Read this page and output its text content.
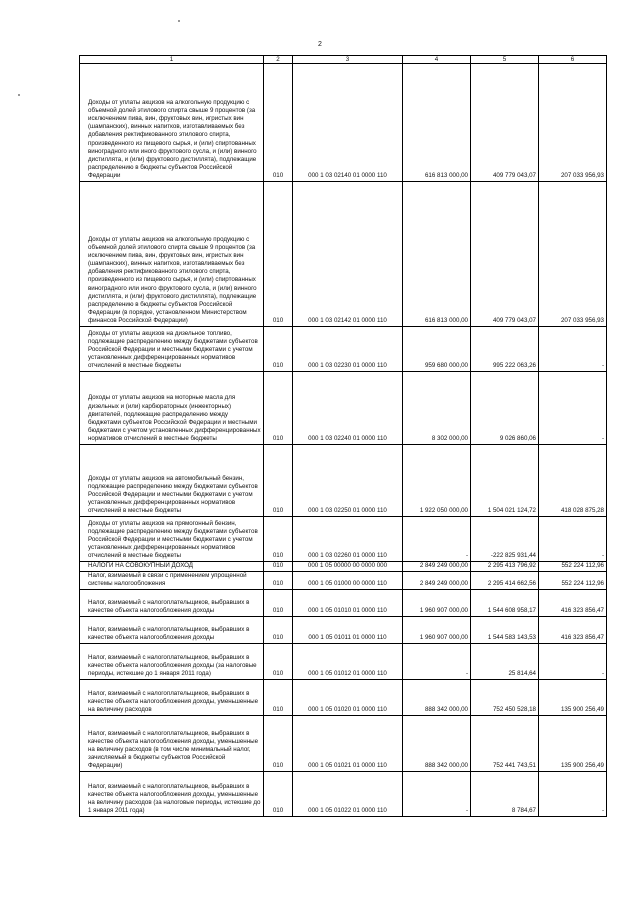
2
1	2	3	4	5	6
Доходы от уплаты акцизов на алкогольную продукцию с объемной долей этилового спирта свыше 9 процентов (за исключением пива, вин, фруктовых вин, игристых вин (шампанских), винных напитков, изготавливаемых без добавления ректификованного этилового спирта, произведенного из пищевого сырья, и (или) спиртованных виноградного или иного фруктового сусла, и (или) винного дистиллята, и (или) фруктового дистиллята), подлежащие распределению в бюджеты субъектов Российской Федерации	010	000 1 03 02140 01 0000 110	616 813 000,00	409 779 043,07	207 033 956,93
Доходы от уплаты акцизов на алкогольную продукцию с объемной долей этилового спирта свыше 9 процентов (за исключением пива, вин, фруктовых вин, игристых вин (шампанских), винных напитков, изготавливаемых без добавления ректификованного этилового спирта, произведенного из пищевого сырья, и (или) спиртованных виноградного или иного фруктового сусла, и (или) винного дистиллята, и (или) фруктового дистиллята), подлежащие распределению в бюджеты субъектов Российской Федерации (в порядке, установленном Министерством финансов Российской Федерации)	010	000 1 03 02142 01 0000 110	616 813 000,00	409 779 043,07	207 033 956,93
Доходы от уплаты акцизов на дизельное топливо, подлежащие распределению между бюджетами субъектов Российской Федерации и местными бюджетами с учетом установленных дифференцированных нормативов отчислений в местные бюджеты	010	000 1 03 02230 01 0000 110	959 680 000,00	995 222 063,26	-
Доходы от уплаты акцизов на моторные масла для дизельных и (или) карбюраторных (инжекторных) двигателей, подлежащие распределению между бюджетами субъектов Российской Федерации и местными бюджетами с учетом установленных дифференцированных нормативов отчислений в местные бюджеты	010	000 1 03 02240 01 0000 110	8 302 000,00	9 026 860,06	-
Доходы от уплаты акцизов на автомобильный бензин, подлежащие распределению между бюджетами субъектов Российской Федерации и местными бюджетами с учетом установленных дифференцированных нормативов отчислений в местные бюджеты	010	000 1 03 02250 01 0000 110	1 922 050 000,00	1 504 021 124,72	418 028 875,28
Доходы от уплаты акцизов на прямогонный бензин, подлежащие распределению между бюджетами субъектов Российской Федерации и местными бюджетами с учетом установленных дифференцированных нормативов отчислений в местные бюджеты	010	000 1 03 02260 01 0000 110	-	-222 825 931,44	-
НАЛОГИ НА СОВОКУПНЫЙ ДОХОД	010	000 1 05 00000 00 0000 000	2 849 249 000,00	2 295 413 796,92	552 224 112,96
Налог, взимаемый в связи с применением упрощенной системы налогообложения	010	000 1 05 01000 00 0000 110	2 849 249 000,00	2 295 414 662,56	552 224 112,96
Налог, взимаемый с налогоплательщиков, выбравших в качестве объекта налогообложения доходы	010	000 1 05 01010 01 0000 110	1 960 907 000,00	1 544 608 958,17	416 323 856,47
Налог, взимаемый с налогоплательщиков, выбравших в качестве объекта налогообложения доходы	010	000 1 05 01011 01 0000 110	1 960 907 000,00	1 544 583 143,53	416 323 856,47
Налог, взимаемый с налогоплательщиков, выбравших в качестве объекта налогообложения доходы (за налоговые периоды, истекшие до 1 января 2011 года)	010	000 1 05 01012 01 0000 110	-	25 814,64	-
Налог, взимаемый с налогоплательщиков, выбравших в качестве объекта налогообложения доходы, уменьшенные на величину расходов	010	000 1 05 01020 01 0000 110	888 342 000,00	752 450 528,18	135 900 256,49
Налог, взимаемый с налогоплательщиков, выбравших в качестве объекта налогообложения доходы, уменьшенные на величину расходов (в том числе минимальный налог, зачисляемый в бюджеты субъектов Российской Федерации)	010	000 1 05 01021 01 0000 110	888 342 000,00	752 441 743,51	135 900 256,49
Налог, взимаемый с налогоплательщиков, выбравших в качестве объекта налогообложения доходы, уменьшенные на величину расходов (за налоговые периоды, истекшие до 1 января 2011 года)	010	000 1 05 01022 01 0000 110	-	8 784,67	-
